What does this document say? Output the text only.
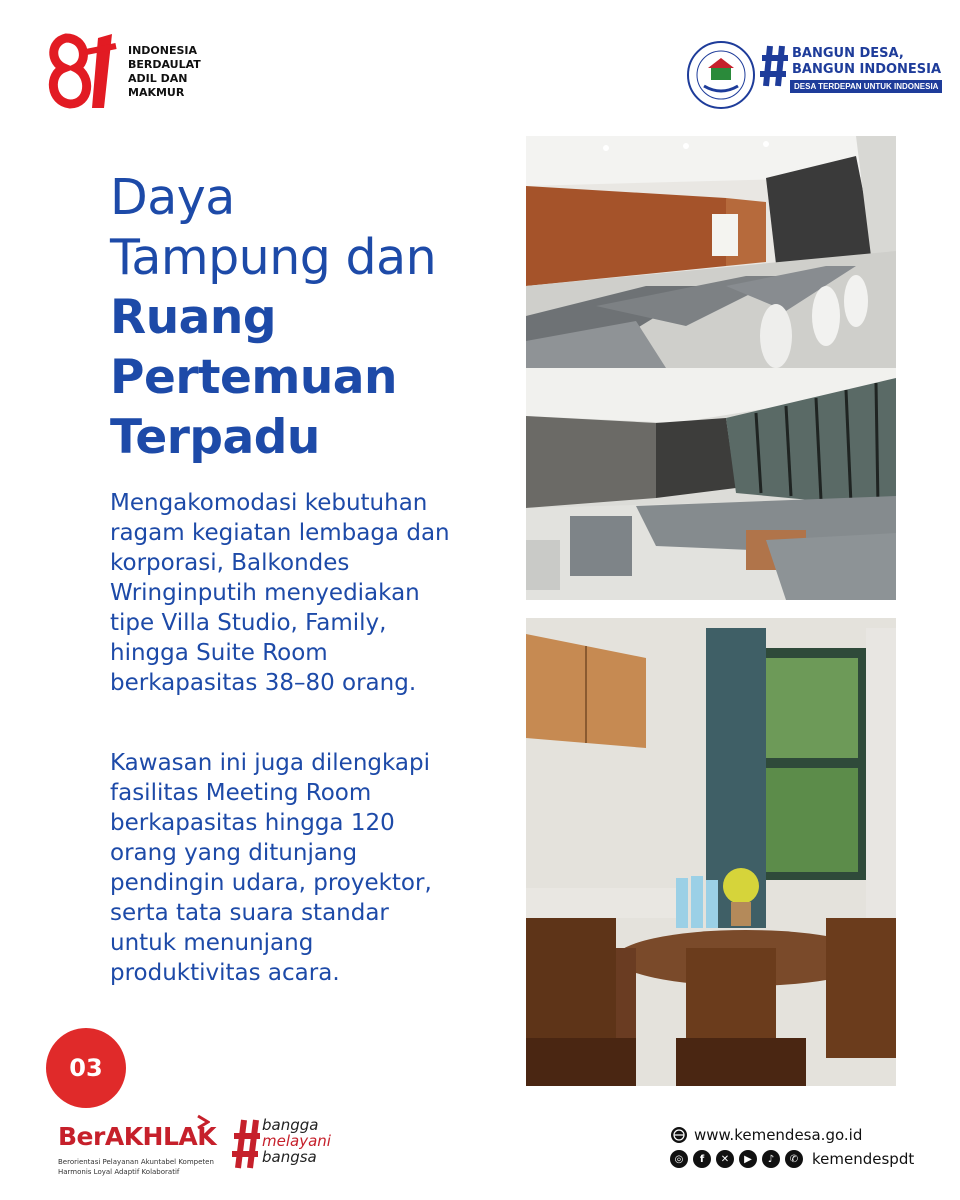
INDONESIA
BERDAULAT
ADIL DAN
MAKMUR
BANGUN DESA,
BANGUN INDONESIA
DESA TERDEPAN UNTUK INDONESIA
Daya
Tampung dan
Ruang
Pertemuan
Terpadu
Mengakomodasi kebutuhan
ragam kegiatan lembaga dan
korporasi, Balkondes
Wringinputih menyediakan
tipe Villa Studio, Family,
hingga Suite Room
berkapasitas 38–80 orang.
Kawasan ini juga dilengkapi
fasilitas Meeting Room
berkapasitas hingga 120
orang yang ditunjang
pendingin udara, proyektor,
serta tata suara standar
untuk menunjang
produktivitas acara.
03
BerAKHLAK
Berorientasi Pelayanan Akuntabel Kompeten
Harmonis Loyal Adaptif Kolaboratif
bangga
melayani
bangsa
www.kemendesa.go.id
◎	f	✕	▶	♪	✆ kemendespdt
